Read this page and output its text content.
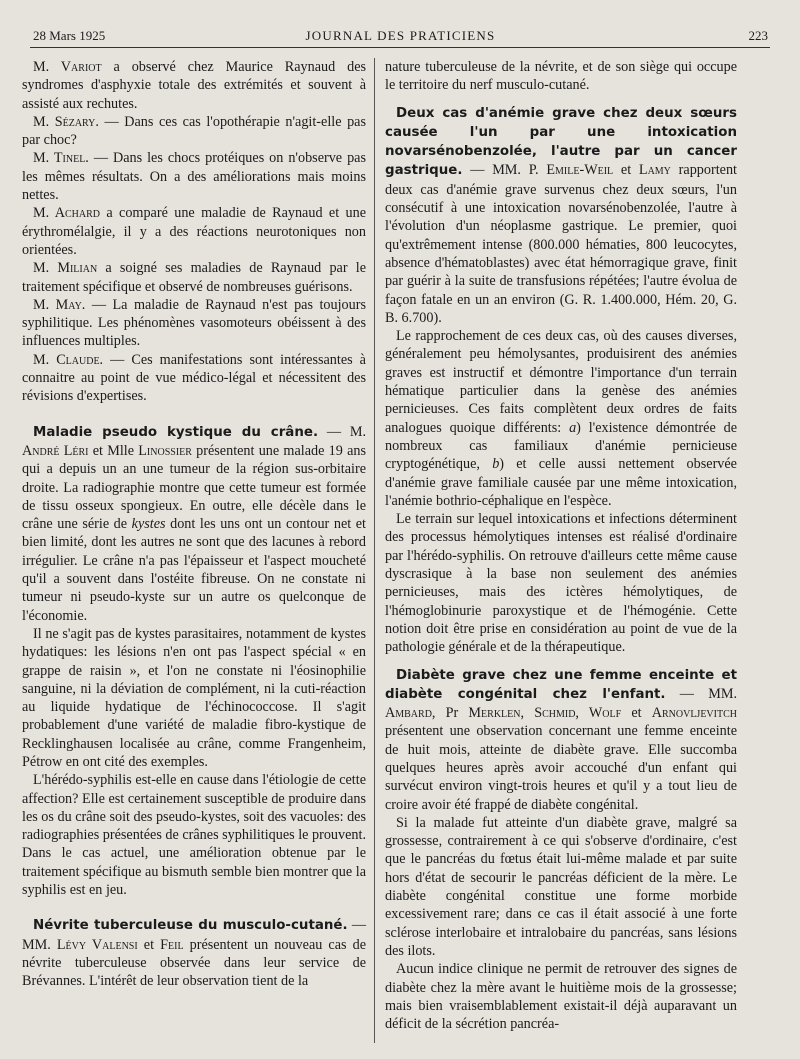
28 Mars 1925	JOURNAL DES PRATICIENS	223

M. Variot a observé chez Maurice Raynaud des syndromes d'asphyxie totale des extrémités et souvent à assisté aux rechutes.

M. Sézary. — Dans ces cas l'opothérapie n'agit-elle pas par choc?

M. Tinel. — Dans les chocs protéiques on n'observe pas les mêmes résultats. On a des améliorations mais moins nettes.

M. Achard a comparé une maladie de Raynaud et une érythromélalgie, il y a des réactions neurotoniques non orientées.

M. Milian a soigné ses maladies de Raynaud par le traitement spécifique et observé de nombreuses guérisons.

M. May. — La maladie de Raynaud n'est pas toujours syphilitique. Les phénomènes vasomoteurs obéissent à des influences multiples.

M. Claude. — Ces manifestations sont intéressantes à connaitre au point de vue médico-légal et nécessitent des révisions d'expertises.

Maladie pseudo kystique du crâne. — M. André Léri et Mlle Linossier présentent une malade 19 ans qui a depuis un an une tumeur de la région sus-orbitaire droite. La radiographie montre que cette tumeur est formée de tissu osseux spongieux. En outre, elle décèle dans le crâne une série de kystes dont les uns ont un contour net et bien limité, dont les autres ne sont que des lacunes à rebord irrégulier. Le crâne n'a pas l'épaisseur et l'aspect moucheté qu'il a souvent dans l'ostéite fibreuse. On ne constate ni tumeur ni pseudo-kyste sur un autre os quelconque de l'économie.

Il ne s'agit pas de kystes parasitaires, notamment de kystes hydatiques: les lésions n'en ont pas l'aspect spécial « en grappe de raisin », et l'on ne constate ni l'éosinophilie sanguine, ni la déviation de complément, ni la cuti-réaction au liquide hydatique de l'échinococcose. Il s'agit probablement d'une variété de maladie fibro-kystique de Recklinghausen localisée au crâne, comme Frangenheim, Pétrow en ont cité des exemples.

L'hérédo-syphilis est-elle en cause dans l'étiologie de cette affection? Elle est certainement susceptible de produire dans les os du crâne soit des pseudo-kystes, soit des vacuoles: des radiographies présentées de crânes syphilitiques le prouvent. Dans le cas actuel, une amélioration obtenue par le traitement spécifique au bismuth semble bien montrer que la syphilis est en jeu.

Névrite tuberculeuse du musculo-cutané. — MM. Lévy Valensi et Feil présentent un nouveau cas de névrite tuberculeuse observée dans leur service de Brévannes. L'intérêt de leur observation tient de la

nature tuberculeuse de la névrite, et de son siège qui occupe le territoire du nerf musculo-cutané.

Deux cas d'anémie grave chez deux sœurs causée l'un par une intoxication novarsénobenzolée, l'autre par un cancer gastrique. — MM. P. Emile-Weil et Lamy rapportent deux cas d'anémie grave survenus chez deux sœurs, l'un consécutif à une intoxication novarsénobenzolée, l'autre à l'évolution d'un néoplasme gastrique. Le premier, quoi qu'extrêmement intense (800.000 hématies, 800 leucocytes, absence d'hématoblastes) avec état hémorragique grave, finit par guérir à la suite de transfusions répétées; l'autre évolua de façon fatale en un an environ (G. R. 1.400.000, Hém. 20, G. B. 6.700).

Le rapprochement de ces deux cas, où des causes diverses, généralement peu hémolysantes, produisirent des anémies graves est instructif et démontre l'importance d'un terrain hématique particulier dans la genèse des anémies pernicieuses. Ces faits complètent deux ordres de faits analogues quoique différents: a) l'existence démontrée de nombreux cas familiaux d'anémie pernicieuse cryptogénétique, b) et celle aussi nettement observée d'anémie grave familiale causée par une même intoxication, l'anémie bothrio-céphalique en l'espèce.

Le terrain sur lequel intoxications et infections déterminent des processus hémolytiques intenses est réalisé d'ordinaire par l'hérédo-syphilis. On retrouve d'ailleurs cette même cause dyscrasique à la base non seulement des anémies pernicieuses, mais des ictères hémolytiques, de l'hémoglobinurie paroxystique et de l'hémogénie. Cette notion doit être prise en considération au point de vue de la pathologie générale et de la thérapeutique.

Diabète grave chez une femme enceinte et diabète congénital chez l'enfant. — MM. Ambard, Pr Merklen, Schmid, Wolf et Arnovljevitch présentent une observation concernant une femme enceinte de huit mois, atteinte de diabète grave. Elle succomba quelques heures après avoir accouché d'un enfant qui survécut environ vingt-trois heures et qu'il y a tout lieu de croire avoir été frappé de diabète congénital.

Si la malade fut atteinte d'un diabète grave, malgré sa grossesse, contrairement à ce qui s'observe d'ordinaire, c'est que le pancréas du fœtus était lui-même malade et par suite hors d'état de secourir le pancréas déficient de la mère. Le diabète congénital constitue une forme morbide excessivement rare; dans ce cas il était associé à une forte sclérose interlobaire et intralobaire du pancréas, sans lésions des ilots.

Aucun indice clinique ne permit de retrouver des signes de diabète chez la mère avant le huitième mois de la grossesse; mais bien vraisemblablement existait-il déjà auparavant un déficit de la sécrétion pancréa-
